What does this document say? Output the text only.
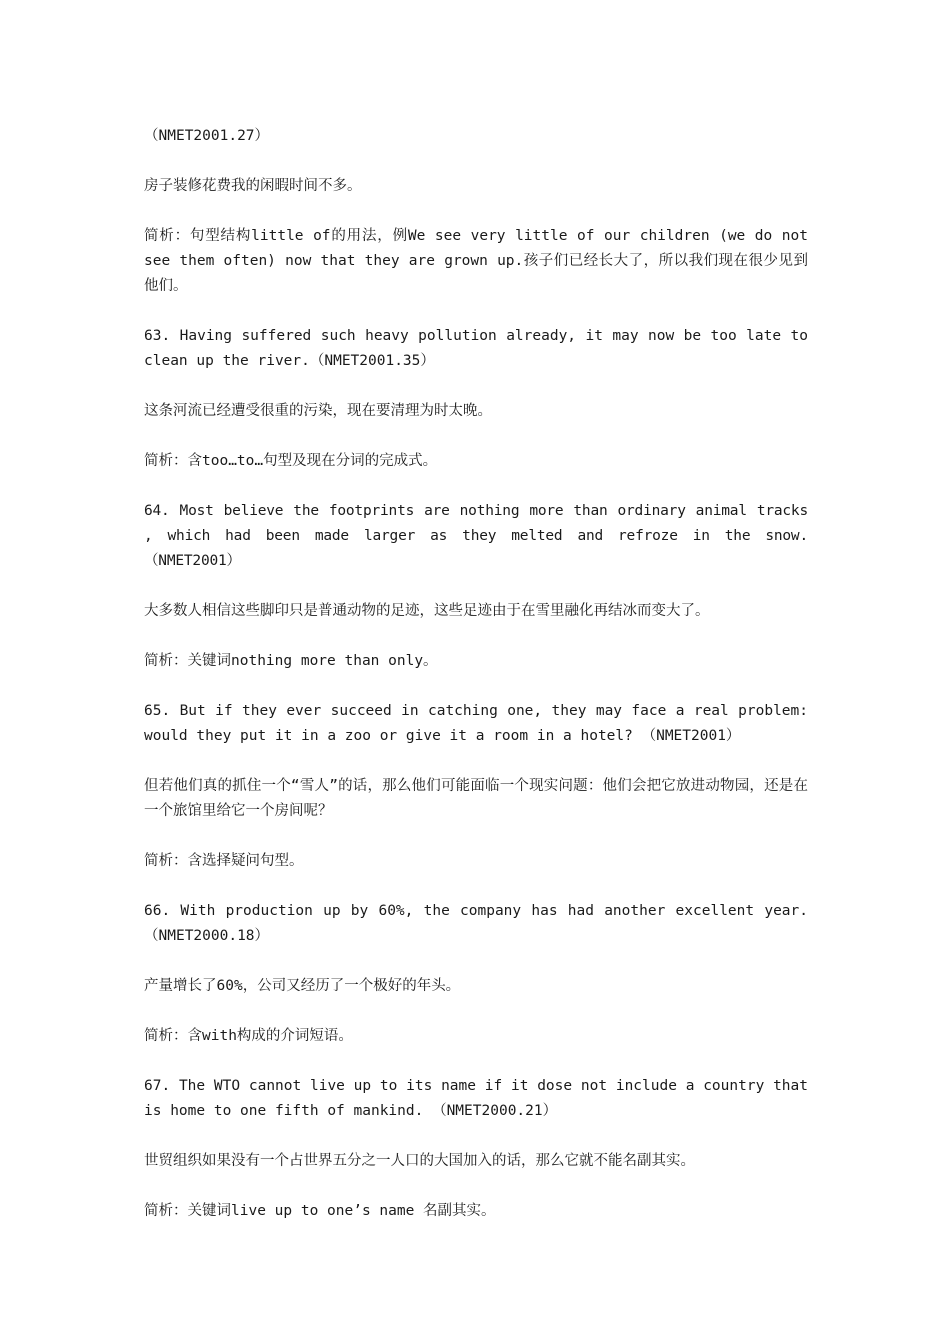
（NMET2001.27）

房子装修花费我的闲暇时间不多。

简析：句型结构little of的用法，例We see very little of our children (we do not see them often) now that they are grown up.孩子们已经长大了，所以我们现在很少见到他们。

63. Having suffered such heavy pollution already, it may now be too late to clean up the river.（NMET2001.35）

这条河流已经遭受很重的污染，现在要清理为时太晚。

简析：含too…to…句型及现在分词的完成式。

64. Most believe the footprints are nothing more than ordinary animal tracks , which had been made larger as they melted and refroze in the snow. （NMET2001）

大多数人相信这些脚印只是普通动物的足迹，这些足迹由于在雪里融化再结冰而变大了。

简析：关键词nothing more than only。

65. But if they ever succeed in catching one, they may face a real problem: would they put it in a zoo or give it a room in a hotel? （NMET2001）

但若他们真的抓住一个“雪人”的话，那么他们可能面临一个现实问题：他们会把它放进动物园，还是在一个旅馆里给它一个房间呢？

简析：含选择疑问句型。

66. With production up by 60%, the company has had another excellent year.（NMET2000.18）

产量增长了60%，公司又经历了一个极好的年头。

简析：含with构成的介词短语。

67. The WTO cannot live up to its name if it dose not include a country that is home to one fifth of mankind. （NMET2000.21）

世贸组织如果没有一个占世界五分之一人口的大国加入的话，那么它就不能名副其实。

简析：关键词live up to one’s name 名副其实。
